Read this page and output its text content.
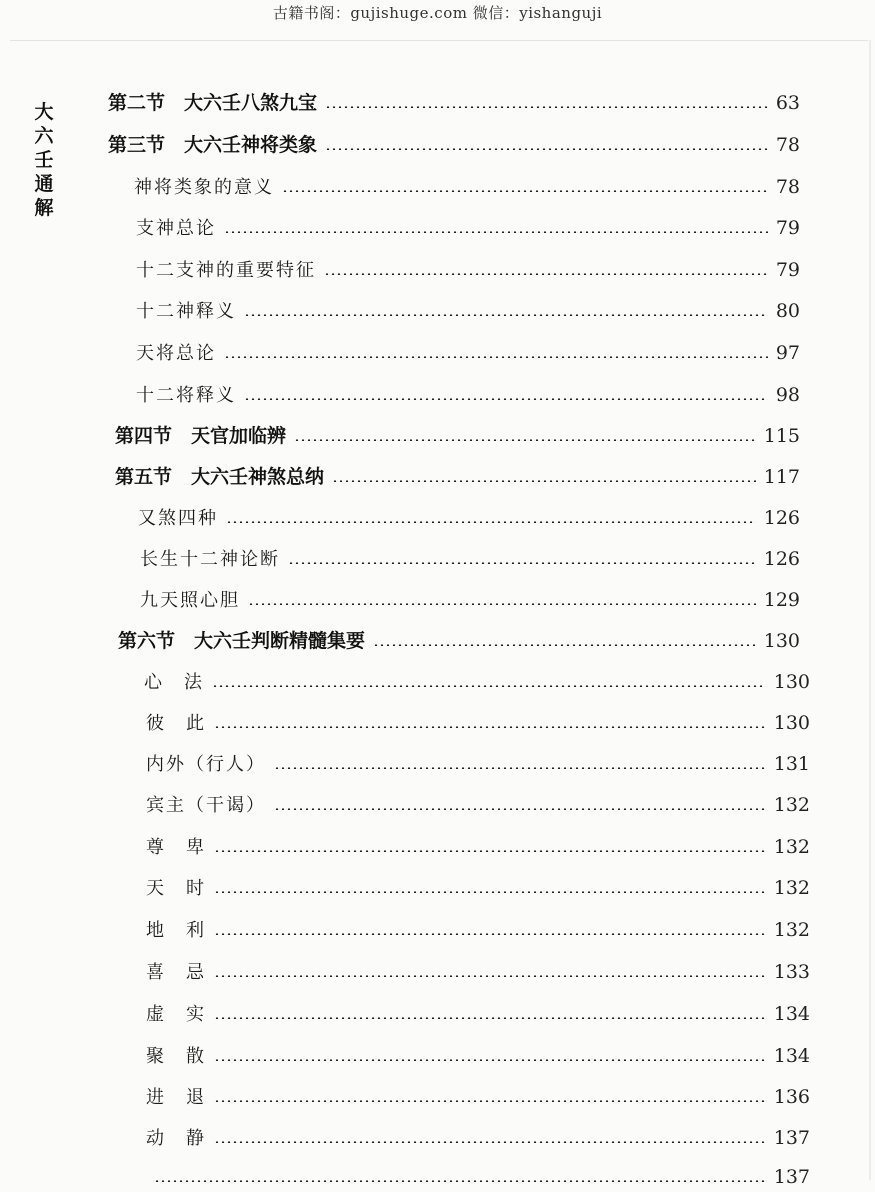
古籍书阁：gujishuge.com 微信：yishanguji
大
六
壬
通
解
第二节　大六壬八煞九宝	63
第三节　大六壬神将类象	78
神将类象的意义	78
支神总论	79
十二支神的重要特征	79
十二神释义	80
天将总论	97
十二将释义	98
第四节　天官加临辨	115
第五节　大六壬神煞总纳	117
又煞四种	126
长生十二神论断	126
九天照心胆	129
第六节　大六壬判断精髓集要	130
心　法	130
彼　此	130
内外（行人）	131
宾主（干谒）	132
尊　卑	132
天　时	132
地　利	132
喜　忌	133
虚　实	134
聚　散	134
进　退	136
动　静	137
137
